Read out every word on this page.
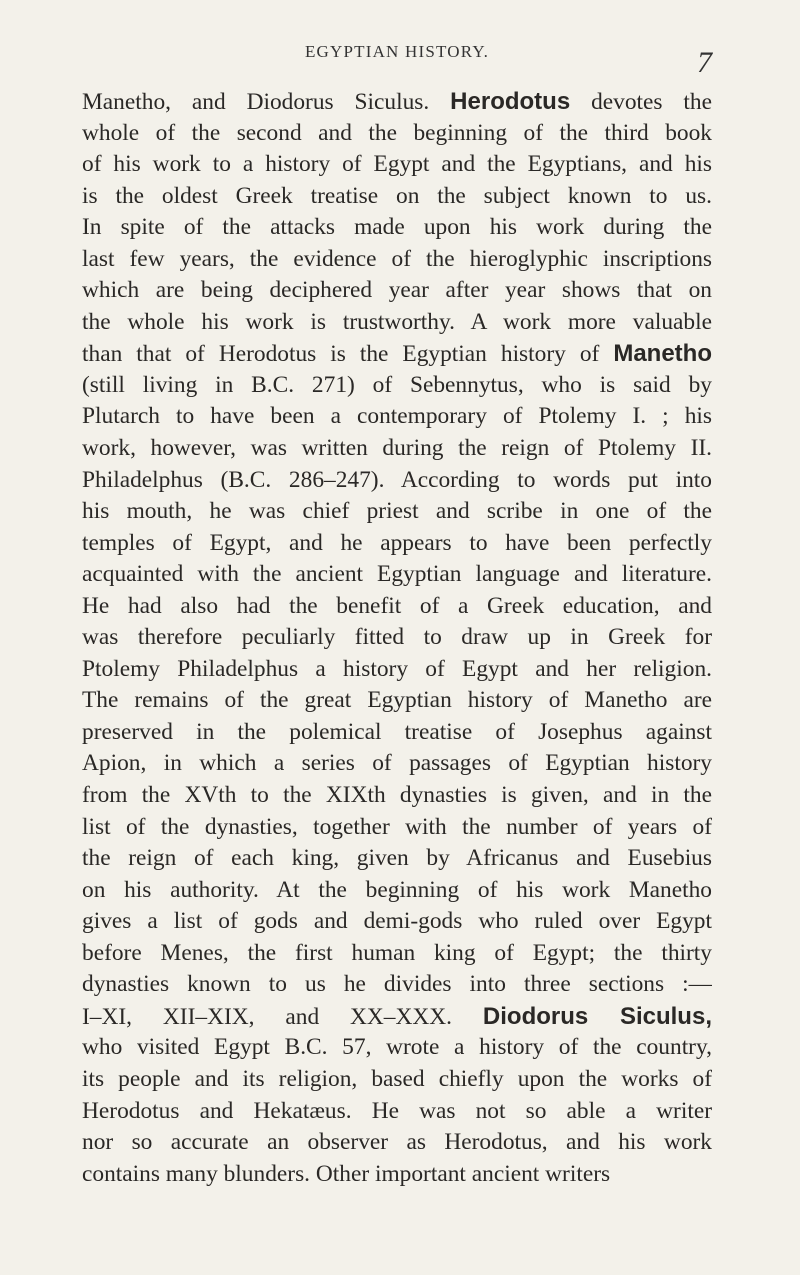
EGYPTIAN HISTORY.	7
Manetho, and Diodorus Siculus. Herodotus devotes the
whole of the second and the beginning of the third book
of his work to a history of Egypt and the Egyptians, and his
is the oldest Greek treatise on the subject known to us.
In spite of the attacks made upon his work during the
last few years, the evidence of the hieroglyphic inscriptions
which are being deciphered year after year shows that on
the whole his work is trustworthy. A work more valuable
than that of Herodotus is the Egyptian history of Manetho
(still living in B.C. 271) of Sebennytus, who is said by
Plutarch to have been a contemporary of Ptolemy I. ; his
work, however, was written during the reign of Ptolemy II.
Philadelphus (B.C. 286–247). According to words put into
his mouth, he was chief priest and scribe in one of the
temples of Egypt, and he appears to have been perfectly
acquainted with the ancient Egyptian language and literature.
He had also had the benefit of a Greek education, and
was therefore peculiarly fitted to draw up in Greek for
Ptolemy Philadelphus a history of Egypt and her religion.
The remains of the great Egyptian history of Manetho are
preserved in the polemical treatise of Josephus against
Apion, in which a series of passages of Egyptian history
from the XVth to the XIXth dynasties is given, and in the
list of the dynasties, together with the number of years of
the reign of each king, given by Africanus and Eusebius
on his authority. At the beginning of his work Manetho
gives a list of gods and demi-gods who ruled over Egypt
before Menes, the first human king of Egypt; the thirty
dynasties known to us he divides into three sections :—
I–XI, XII–XIX, and XX–XXX. Diodorus Siculus,
who visited Egypt B.C. 57, wrote a history of the country,
its people and its religion, based chiefly upon the works of
Herodotus and Hekatæus. He was not so able a writer
nor so accurate an observer as Herodotus, and his work
contains many blunders. Other important ancient writers
